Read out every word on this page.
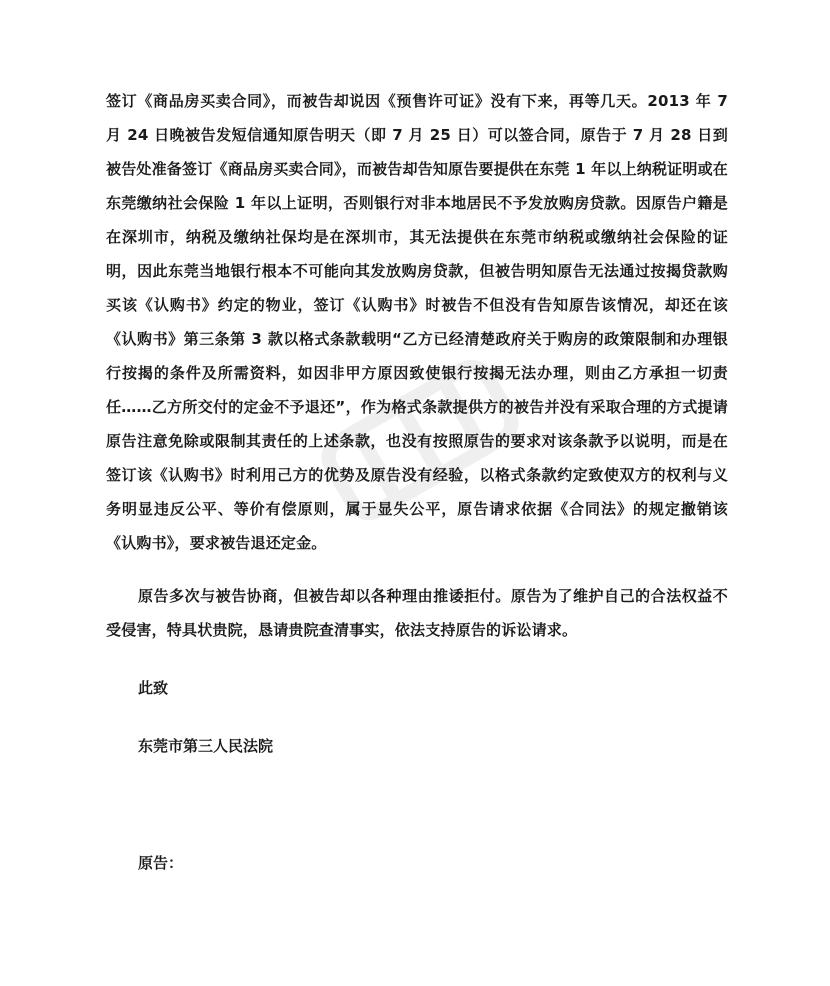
签订《商品房买卖合同》，而被告却说因《预售许可证》没有下来，再等几天。2013 年 7 月 24 日晚被告发短信通知原告明天（即 7 月 25 日）可以签合同，原告于 7 月 28 日到被告处准备签订《商品房买卖合同》，而被告却告知原告要提供在东莞 1 年以上纳税证明或在东莞缴纳社会保险 1 年以上证明，否则银行对非本地居民不予发放购房贷款。因原告户籍是在深圳市，纳税及缴纳社保均是在深圳市，其无法提供在东莞市纳税或缴纳社会保险的证明，因此东莞当地银行根本不可能向其发放购房贷款，但被告明知原告无法通过按揭贷款购买该《认购书》约定的物业，签订《认购书》时被告不但没有告知原告该情况，却还在该《认购书》第三条第 3 款以格式条款载明“乙方已经清楚政府关于购房的政策限制和办理银行按揭的条件及所需资料，如因非甲方原因致使银行按揭无法办理，则由乙方承担一切责任……乙方所交付的定金不予退还”，作为格式条款提供方的被告并没有采取合理的方式提请原告注意免除或限制其责任的上述条款，也没有按照原告的要求对该条款予以说明，而是在签订该《认购书》时利用己方的优势及原告没有经验，以格式条款约定致使双方的权利与义务明显违反公平、等价有偿原则，属于显失公平，原告请求依据《合同法》的规定撤销该《认购书》，要求被告退还定金。

原告多次与被告协商，但被告却以各种理由推诿拒付。原告为了维护自己的合法权益不受侵害，特具状贵院，恳请贵院查清事实，依法支持原告的诉讼请求。

此致

东莞市第三人民法院

原告：
